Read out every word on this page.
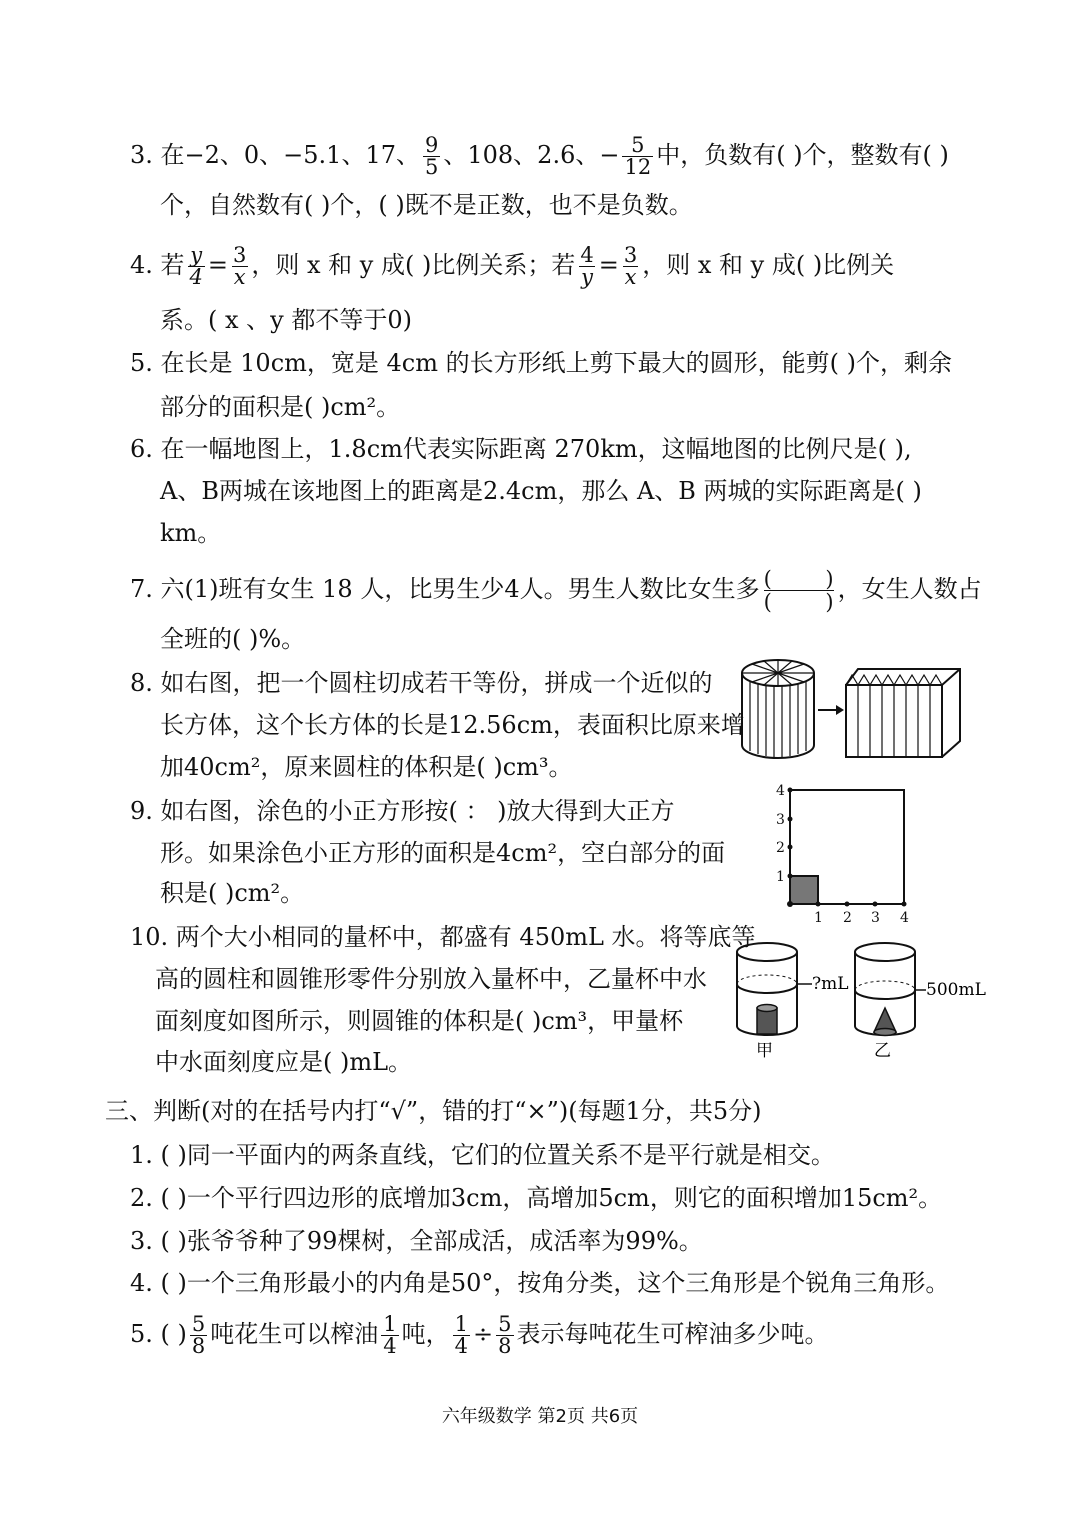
3. 在−2、0、−5.1、17、 $\frac{9}{5}$ 、108、2.6、− $\frac{5}{12}$ 中，负数有( )个，整数有( )
个，自然数有( )个，( )既不是正数，也不是负数。
4. 若 $\frac{y}{4} = \frac{3}{x}$ ，则 x 和 y 成( )比例关系；若 $\frac{4}{y} = \frac{3}{x}$ ，则 x 和 y 成( )比例关
系。( x 、y 都不等于0)
5. 在长是 10cm，宽是 4cm 的长方形纸上剪下最大的圆形，能剪( )个，剩余
部分的面积是( )cm²。
6. 在一幅地图上，1.8cm代表实际距离 270km，这幅地图的比例尺是( ),
A、B两城在该地图上的距离是2.4cm，那么 A、B 两城的实际距离是( )
km。
7. 六(1)班有女生 18 人，比男生少4人。男生人数比女生多 (	)
(	) ，女生人数占
全班的( )%。
8. 如右图，把一个圆柱切成若干等份，拼成一个近似的
长方体，这个长方体的长是12.56cm，表面积比原来增
加40cm²，原来圆柱的体积是( )cm³。
9. 如右图，涂色的小正方形按( ： )放大得到大正方
形。如果涂色小正方形的面积是4cm²，空白部分的面
积是( )cm²。
1 2 3 4
1
2
3
4
10. 两个大小相同的量杯中，都盛有 450mL 水。将等底等
高的圆柱和圆锥形零件分别放入量杯中，乙量杯中水
面刻度如图所示，则圆锥的体积是( )cm³，甲量杯
中水面刻度应是( )mL。
?mL
甲
500mL
乙
三、判断(对的在括号内打“√”，错的打“×”)(每题1分，共5分)
1. ( )同一平面内的两条直线，它们的位置关系不是平行就是相交。
2. ( )一个平行四边形的底增加3cm，高增加5cm，则它的面积增加15cm²。
3. ( )张爷爷种了99棵树，全部成活，成活率为99%。
4. ( )一个三角形最小的内角是50°，按角分类，这个三角形是个锐角三角形。
5. ( ) $\frac{5}{8}$ 吨花生可以榨油 $\frac{1}{4}$ 吨， $\frac{1}{4} \div \frac{5}{8}$ 表示每吨花生可榨油多少吨。
六年级数学 第2页 共6页
